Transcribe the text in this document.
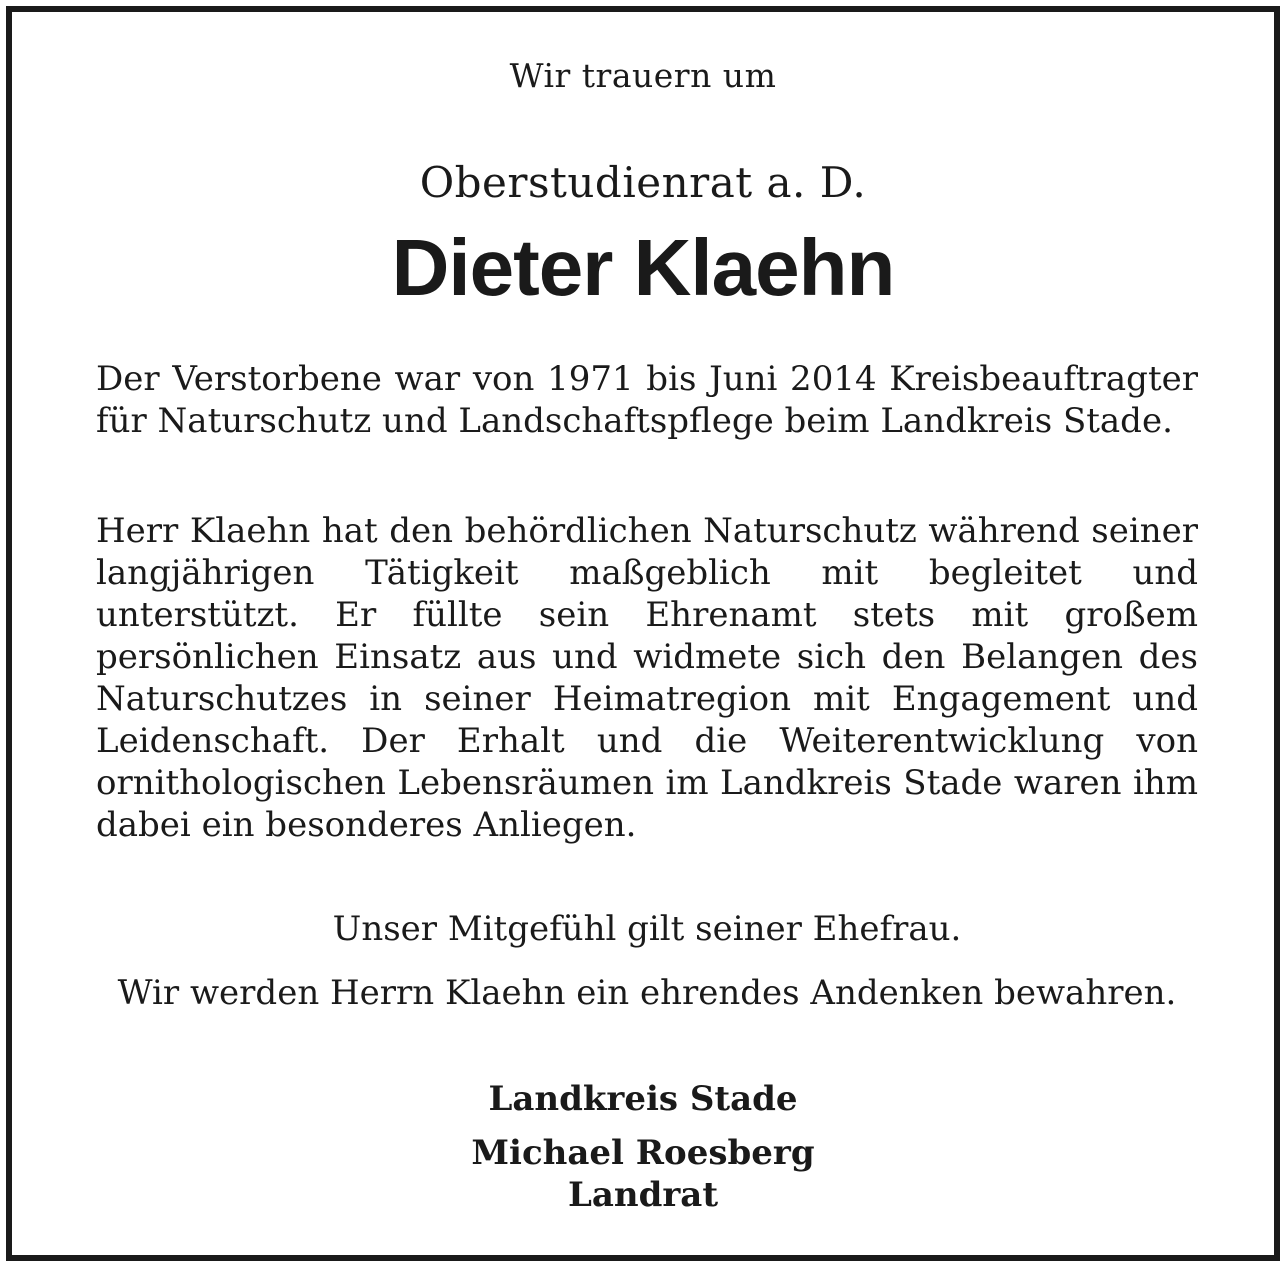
Wir trauern um
Oberstudienrat a. D.
Dieter Klaehn
Der Verstorbene war von 1971 bis Juni 2014 Kreisbeauftragter für Naturschutz und Landschaftspflege beim Landkreis Stade.
Herr Klaehn hat den behördlichen Naturschutz während seiner langjährigen Tätigkeit maßgeblich mit begleitet und unterstützt. Er füllte sein Ehrenamt stets mit großem persönlichen Einsatz aus und widmete sich den Belangen des Naturschutzes in seiner Heimatregion mit Engagement und Leidenschaft. Der Erhalt und die Weiterentwicklung von ornithologischen Lebensräumen im Landkreis Stade waren ihm dabei ein besonderes Anliegen.
Unser Mitgefühl gilt seiner Ehefrau.
Wir werden Herrn Klaehn ein ehrendes Andenken bewahren.
Landkreis Stade
Michael Roesberg
Landrat
